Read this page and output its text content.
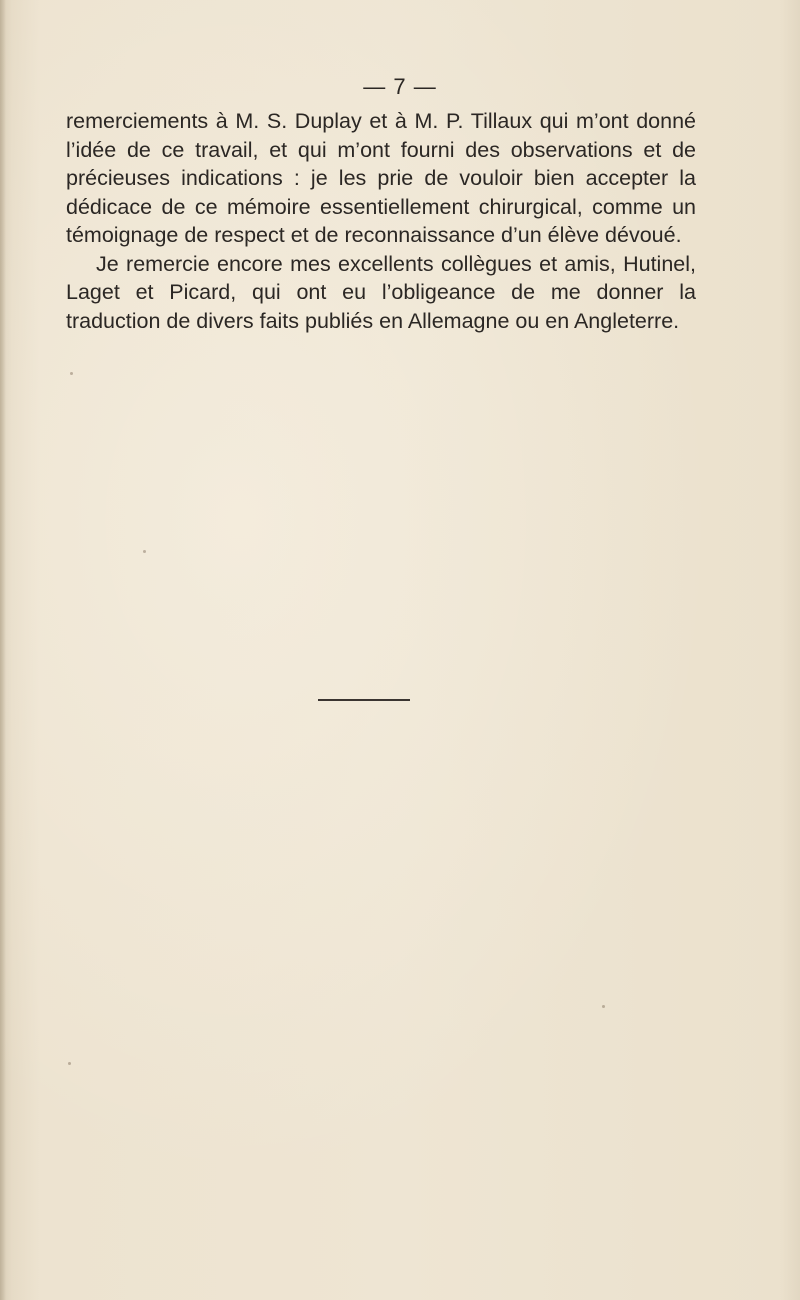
— 7 —

remerciements à M. S. Duplay et à M. P. Tillaux qui m’ont donné l’idée de ce travail, et qui m’ont fourni des observations et de précieuses indications : je les prie de vouloir bien accepter la dédicace de ce mémoire essentiellement chirurgical, comme un témoignage de respect et de reconnaissance d’un élève dévoué.

Je remercie encore mes excellents collègues et amis, Hutinel, Laget et Picard, qui ont eu l’obligeance de me donner la traduction de divers faits publiés en Allemagne ou en Angleterre.
